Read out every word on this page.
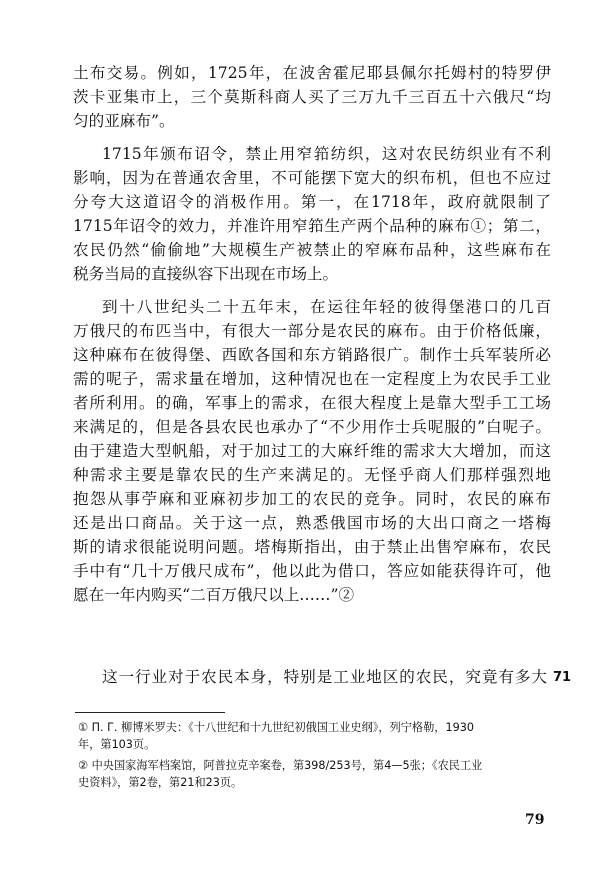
土布交易。例如，1725年，在波舍霍尼耶县佩尔托姆村的特罗伊
茨卡亚集市上，三个莫斯科商人买了三万九千三百五十六俄尺“均
匀的亚麻布”。
1715年颁布诏令，禁止用窄筘纺织，这对农民纺织业有不利
影响，因为在普通农舍里，不可能摆下宽大的织布机，但也不应过
分夸大这道诏令的消极作用。第一，在1718年，政府就限制了
1715年诏令的效力，并准许用窄筘生产两个品种的麻布①；第二，
农民仍然“偷偷地”大规模生产被禁止的窄麻布品种，这些麻布在
税务当局的直接纵容下出现在市场上。
到十八世纪头二十五年末，在运往年轻的彼得堡港口的几百
万俄尺的布匹当中，有很大一部分是农民的麻布。由于价格低廉，
这种麻布在彼得堡、西欧各国和东方销路很广。制作士兵军装所必
需的呢子，需求量在增加，这种情况也在一定程度上为农民手工业
者所利用。的确，军事上的需求，在很大程度上是靠大型手工工场
来满足的，但是各县农民也承办了“不少用作士兵呢服的”白呢子。
由于建造大型帆船，对于加过工的大麻纤维的需求大大增加，而这
种需求主要是靠农民的生产来满足的。无怪乎商人们那样强烈地
抱怨从事苧麻和亚麻初步加工的农民的竞争。同时，农民的麻布
还是出口商品。关于这一点，熟悉俄国市场的大出口商之一塔梅
斯的请求很能说明问题。塔梅斯指出，由于禁止出售窄麻布，农民
手中有“几十万俄尺成布”，他以此为借口，答应如能获得许可，他
愿在一年内购买“二百万俄尺以上……”②
这一行业对于农民本身，特别是工业地区的农民，究竟有多大 71
① П. Г. 柳博米罗夫：《十八世纪和十九世纪初俄国工业史纲》，列宁格勒，1930
年，第103页。
② 中央国家海军档案馆，阿普拉克辛案卷，第398/253号，第4—5张；《农民工业
史资料》，第2卷，第21和23页。
79
